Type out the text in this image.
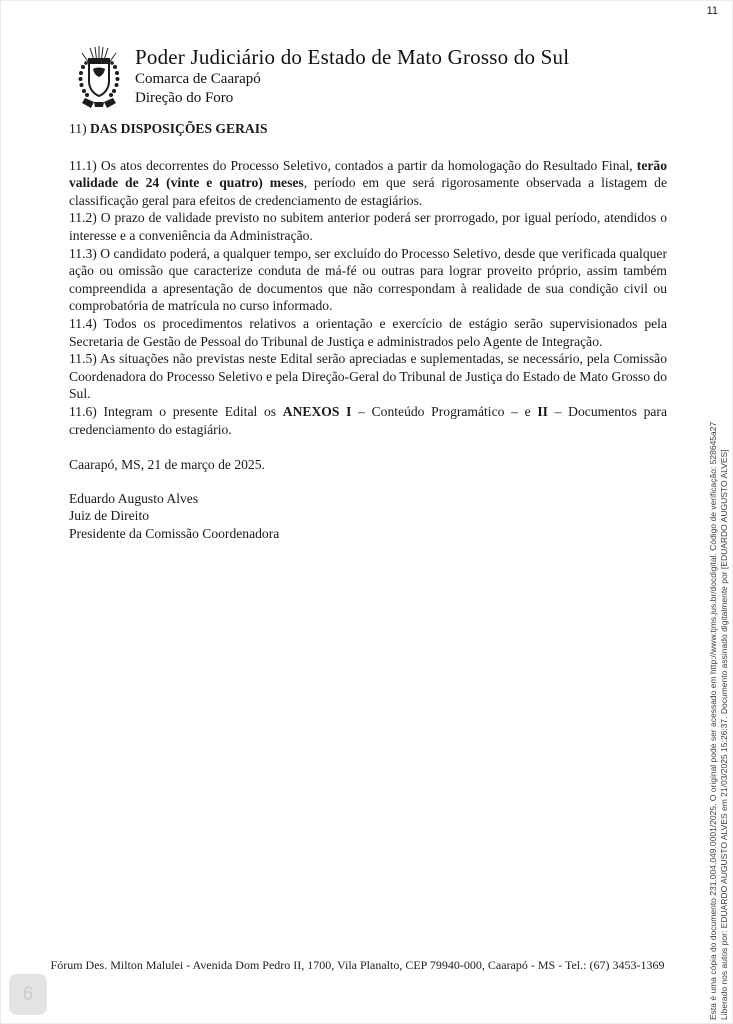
11
Poder Judiciário do Estado de Mato Grosso do Sul
Comarca de Caarapó
Direção do Foro

11) DAS DISPOSIÇÕES GERAIS

11.1) Os atos decorrentes do Processo Seletivo, contados a partir da homologação do Resultado Final, terão validade de 24 (vinte e quatro) meses, período em que será rigorosamente observada a listagem de classificação geral para efeitos de credenciamento de estagiários.

11.2) O prazo de validade previsto no subitem anterior poderá ser prorrogado, por igual período, atendidos o interesse e a conveniência da Administração.

11.3) O candidato poderá, a qualquer tempo, ser excluído do Processo Seletivo, desde que verificada qualquer ação ou omissão que caracterize conduta de má-fé ou outras para lograr proveito próprio, assim também compreendida a apresentação de documentos que não correspondam à realidade de sua condição civil ou comprobatória de matrícula no curso informado.

11.4) Todos os procedimentos relativos a orientação e exercício de estágio serão supervisionados pela Secretaria de Gestão de Pessoal do Tribunal de Justiça e administrados pelo Agente de Integração.

11.5) As situações não previstas neste Edital serão apreciadas e suplementadas, se necessário, pela Comissão Coordenadora do Processo Seletivo e pela Direção-Geral do Tribunal de Justiça do Estado de Mato Grosso do Sul.

11.6) Integram o presente Edital os ANEXOS I – Conteúdo Programático – e II – Documentos para credenciamento do estagiário.

Caarapó, MS, 21 de março de 2025.

Eduardo Augusto Alves
Juiz de Direito
Presidente da Comissão Coordenadora	Esta é uma cópia do documento 231.004.049.0001/2025. O original pode ser acessado em http://www.tjms.jus.br/docdigital. Código de verificação: 528645a27 Liberado nos autos por: EDUARDO AUGUSTO ALVES em 21/03/2025 15:26:37. Documento assinado digitalmente por [EDUARDO AUGUSTO ALVES]
Fórum Des. Milton Malulei - Avenida Dom Pedro II, 1700, Vila Planalto, CEP 79940-000, Caarapó - MS - Tel.: (67) 3453-1369
6
